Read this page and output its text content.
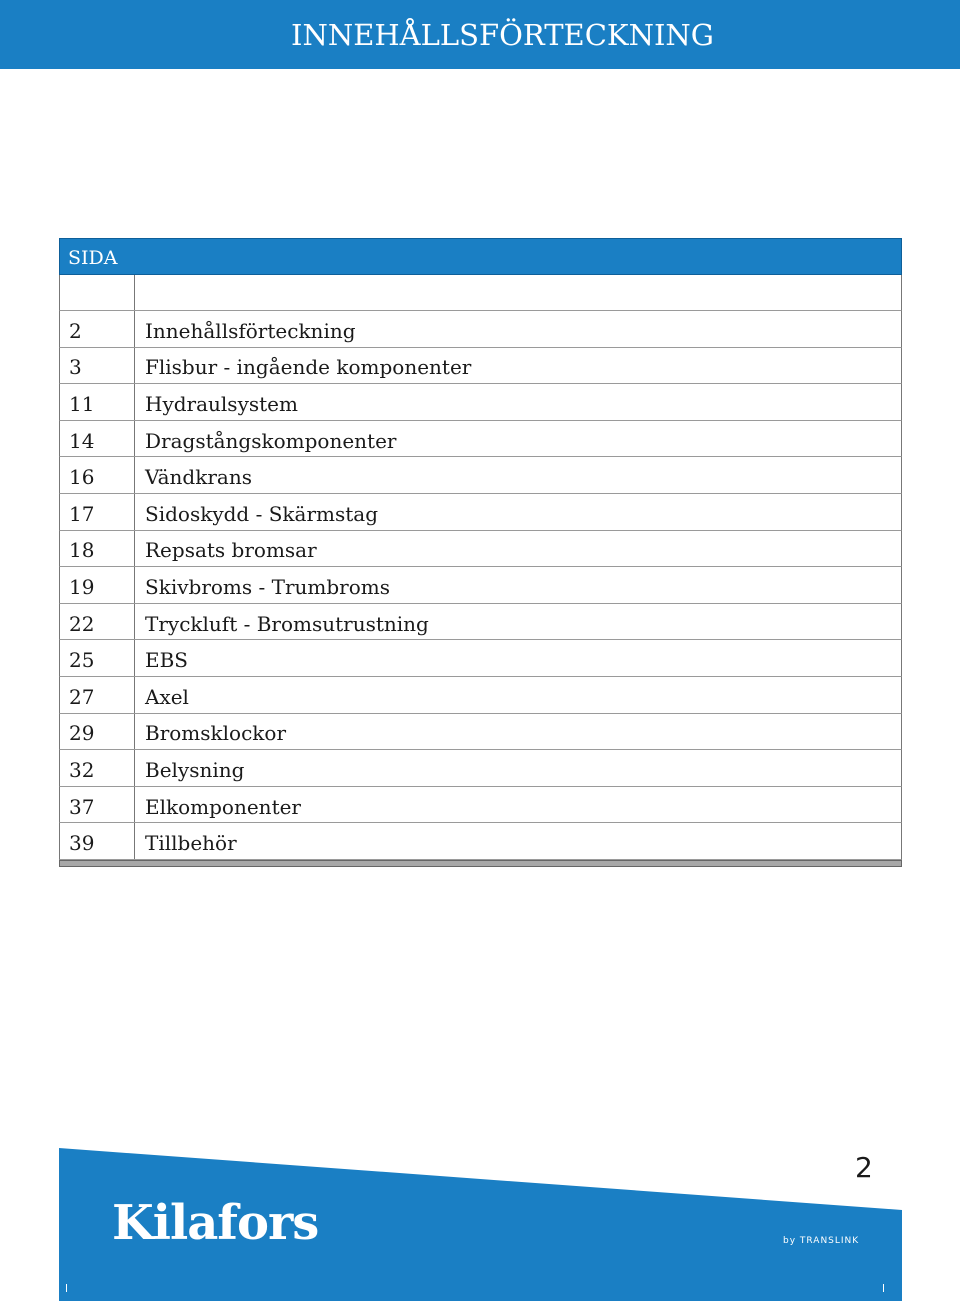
INNEHÅLLSFÖRTECKNING
SIDA
2	Innehållsförteckning
3	Flisbur - ingående komponenter
11	Hydraulsystem
14	Dragstångskomponenter
16	Vändkrans
17	Sidoskydd - Skärmstag
18	Repsats bromsar
19	Skivbroms - Trumbroms
22	Tryckluft - Bromsutrustning
25	EBS
27	Axel
29	Bromsklockor
32	Belysning
37	Elkomponenter
39	Tillbehör
2
Kilafors	by TRANSLINK
